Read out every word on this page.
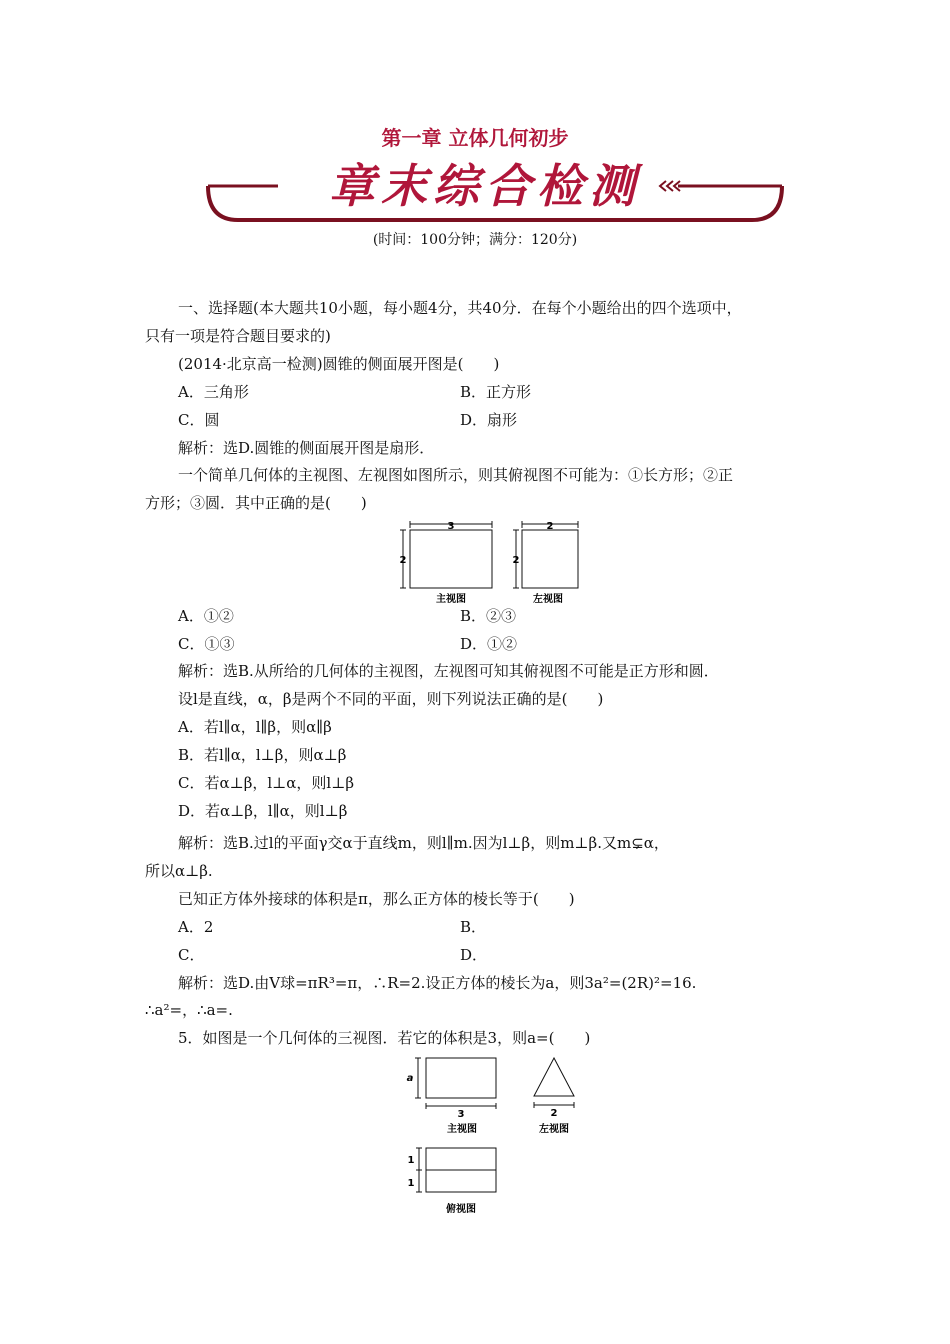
第一章 立体几何初步
章末综合检测
(时间：100分钟；满分：120分)
一、选择题(本大题共10小题，每小题4分，共40分．在每个小题给出的四个选项中，
只有一项是符合题目要求的)
(2014·北京高一检测)圆锥的侧面展开图是(　　)
A．三角形	B．正方形
C．圆	D．扇形
解析：选D.圆锥的侧面展开图是扇形．
一个简单几何体的主视图、左视图如图所示，则其俯视图不可能为：①长方形；②正
方形；③圆．其中正确的是(　　)
3
2
主视图
2
2
左视图
A．①②	B．②③
C．①③	D．①②
解析：选B.从所给的几何体的主视图，左视图可知其俯视图不可能是正方形和圆．
设l是直线，α，β是两个不同的平面，则下列说法正确的是(　　)
A．若l∥α，l∥β，则α∥β
B．若l∥α，l⊥β，则α⊥β
C．若α⊥β，l⊥α，则l⊥β
D．若α⊥β，l∥α，则l⊥β
解析：选B.过l的平面γ交α于直线m，则l∥m.因为l⊥β，则m⊥β.又m⊊α，
所以α⊥β.
已知正方体外接球的体积是π，那么正方体的棱长等于(　　)
A．2	B．
C．	D．
解析：选D.由V球=πR³=π，∴R=2.设正方体的棱长为a，则3a²=(2R)²=16.
∴a²=，∴a=.
5．如图是一个几何体的三视图．若它的体积是3，则a=(　　)
a
3
主视图
2
左视图
1
1
俯视图
